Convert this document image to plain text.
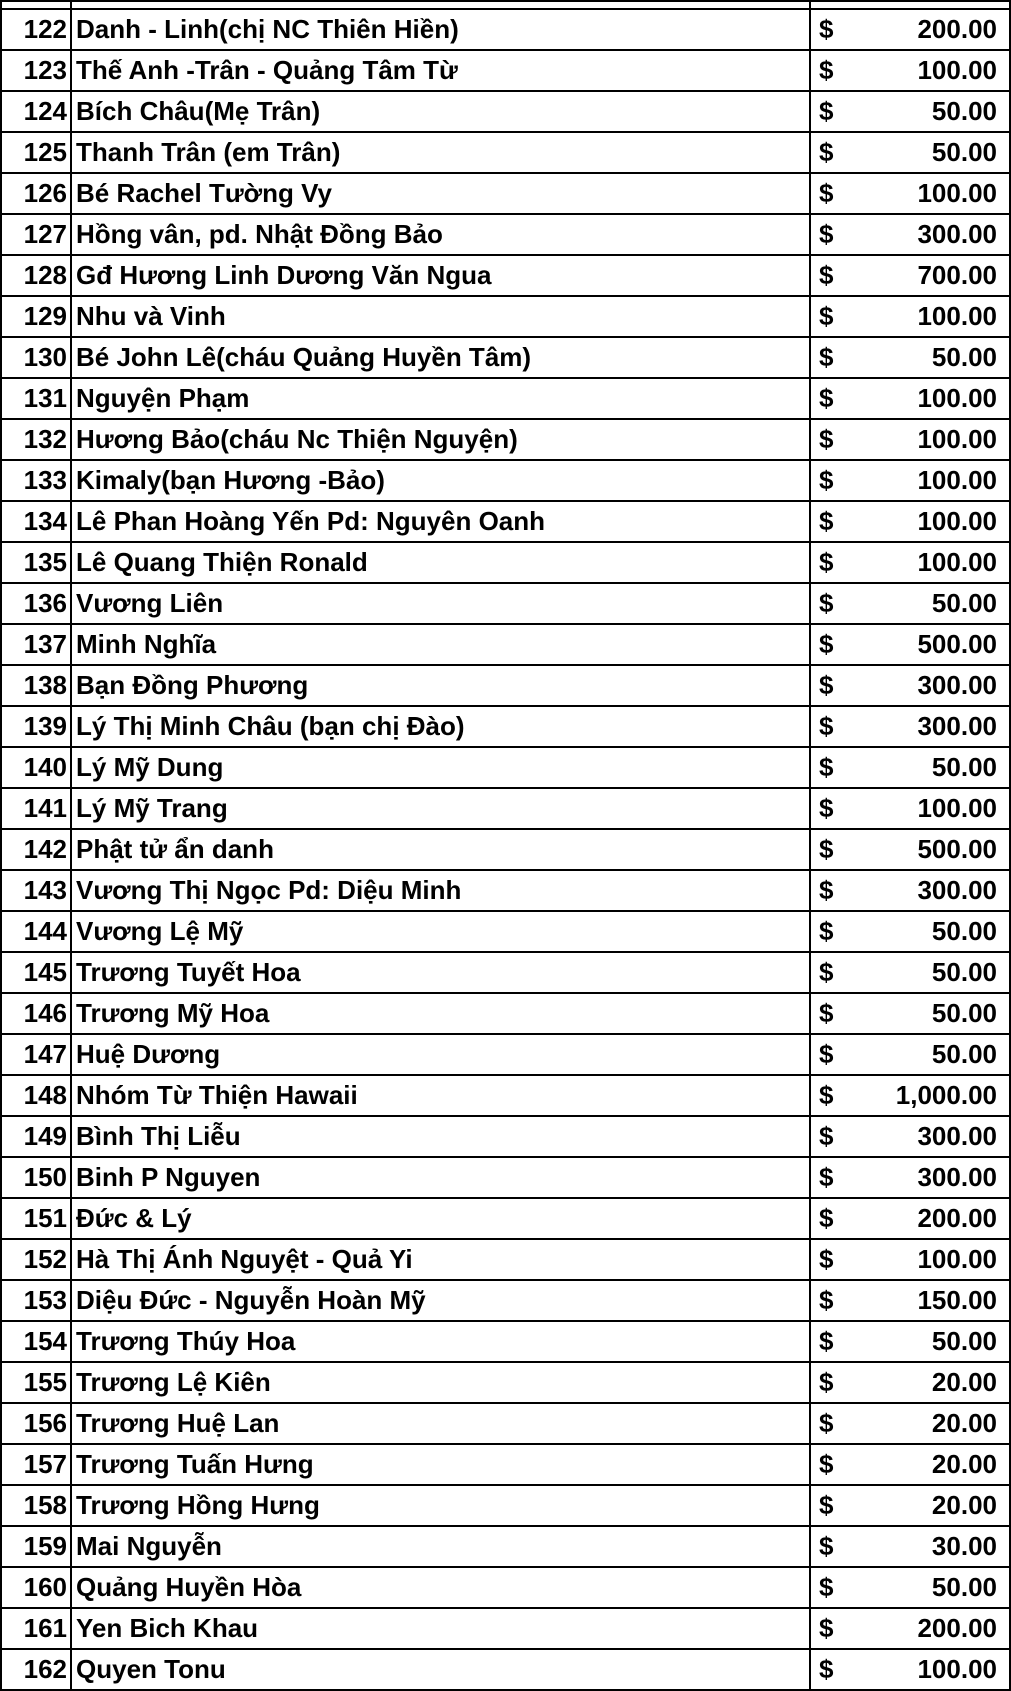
122	Danh - Linh(chị NC Thiên Hiền)	$	200.00
123	Thế Anh -Trân - Quảng Tâm Từ	$	100.00
124	Bích Châu(Mẹ Trân)	$	50.00
125	Thanh Trân (em Trân)	$	50.00
126	Bé Rachel Tường Vy	$	100.00
127	Hồng vân, pd. Nhật Đồng Bảo	$	300.00
128	Gđ Hương Linh Dương Văn Ngua	$	700.00
129	Nhu và Vinh	$	100.00
130	Bé John Lê(cháu Quảng Huyền Tâm)	$	50.00
131	Nguyện Phạm	$	100.00
132	Hương Bảo(cháu Nc Thiện Nguyện)	$	100.00
133	Kimaly(bạn Hương -Bảo)	$	100.00
134	Lê Phan Hoàng Yến Pd: Nguyên Oanh	$	100.00
135	Lê Quang Thiện Ronald	$	100.00
136	Vương Liên	$	50.00
137	Minh Nghĩa	$	500.00
138	Bạn Đồng Phương	$	300.00
139	Lý Thị Minh Châu (bạn chị Đào)	$	300.00
140	Lý Mỹ Dung	$	50.00
141	Lý Mỹ Trang	$	100.00
142	Phật tử ẩn danh	$	500.00
143	Vương Thị Ngọc Pd: Diệu Minh	$	300.00
144	Vương Lệ Mỹ	$	50.00
145	Trương Tuyết Hoa	$	50.00
146	Trương Mỹ Hoa	$	50.00
147	Huệ Dương	$	50.00
148	Nhóm Từ Thiện Hawaii	$	1,000.00
149	Bình Thị Liễu	$	300.00
150	Binh P Nguyen	$	300.00
151	Đức & Lý	$	200.00
152	Hà Thị Ánh Nguyệt - Quả Yi	$	100.00
153	Diệu Đức - Nguyễn Hoàn Mỹ	$	150.00
154	Trương Thúy Hoa	$	50.00
155	Trương Lệ Kiên	$	20.00
156	Trương Huệ Lan	$	20.00
157	Trương Tuấn Hưng	$	20.00
158	Trương Hồng Hưng	$	20.00
159	Mai Nguyễn	$	30.00
160	Quảng Huyền Hòa	$	50.00
161	Yen Bich Khau	$	200.00
162	Quyen Tonu	$	100.00
